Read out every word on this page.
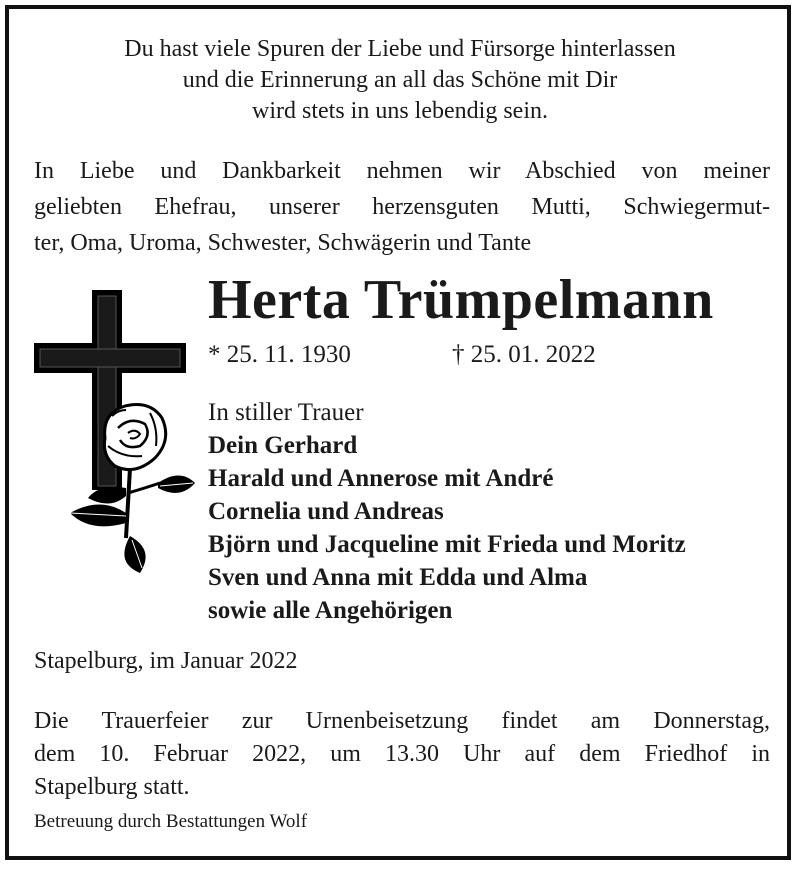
Du hast viele Spuren der Liebe und Fürsorge hinterlassen
und die Erinnerung an all das Schöne mit Dir
wird stets in uns lebendig sein.
In Liebe und Dankbarkeit nehmen wir Abschied von meiner
geliebten Ehefrau, unserer herzensguten Mutti, Schwiegermut-
ter, Oma, Uroma, Schwester, Schwägerin und Tante
Herta Trümpelmann
* 25. 11. 1930	† 25. 01. 2022
In stiller Trauer
Dein Gerhard
Harald und Annerose mit André
Cornelia und Andreas
Björn und Jacqueline mit Frieda und Moritz
Sven und Anna mit Edda und Alma
sowie alle Angehörigen
Stapelburg, im Januar 2022
Die Trauerfeier zur Urnenbeisetzung findet am Donnerstag,
dem 10. Februar 2022, um 13.30 Uhr auf dem Friedhof in
Stapelburg statt.
Betreuung durch Bestattungen Wolf
